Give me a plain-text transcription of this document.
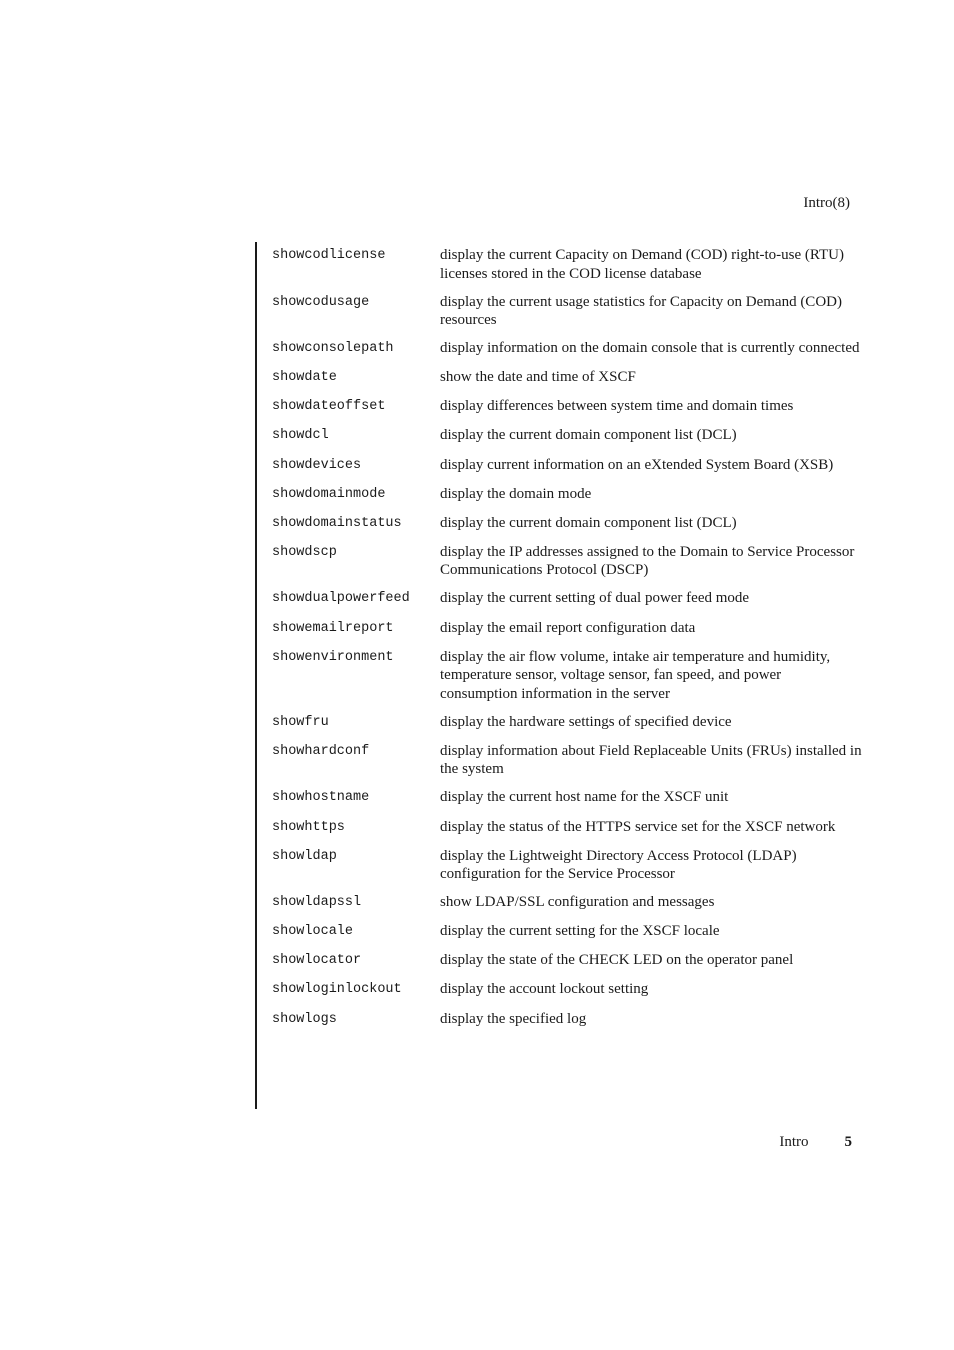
Intro(8)
showcodlicense	display the current Capacity on Demand (COD) right-to-use (RTU) licenses stored in the COD license database
showcodusage	display the current usage statistics for Capacity on Demand (COD) resources
showconsolepath	display information on the domain console that is currently connected
showdate	show the date and time of XSCF
showdateoffset	display differences between system time and domain times
showdcl	display the current domain component list (DCL)
showdevices	display current information on an eXtended System Board (XSB)
showdomainmode	display the domain mode
showdomainstatus	display the current domain component list (DCL)
showdscp	display the IP addresses assigned to the Domain to Service Processor Communications Protocol (DSCP)
showdualpowerfeed	display the current setting of dual power feed mode
showemailreport	display the email report configuration data
showenvironment	display the air flow volume, intake air temperature and humidity, temperature sensor, voltage sensor, fan speed, and power consumption information in the server
showfru	display the hardware settings of specified device
showhardconf	display information about Field Replaceable Units (FRUs) installed in the system
showhostname	display the current host name for the XSCF unit
showhttps	display the status of the HTTPS service set for the XSCF network
showldap	display the Lightweight Directory Access Protocol (LDAP) configuration for the Service Processor
showldapssl	show LDAP/SSL configuration and messages
showlocale	display the current setting for the XSCF locale
showlocator	display the state of the CHECK LED on the operator panel
showloginlockout	display the account lockout setting
showlogs	display the specified log
Intro 5
